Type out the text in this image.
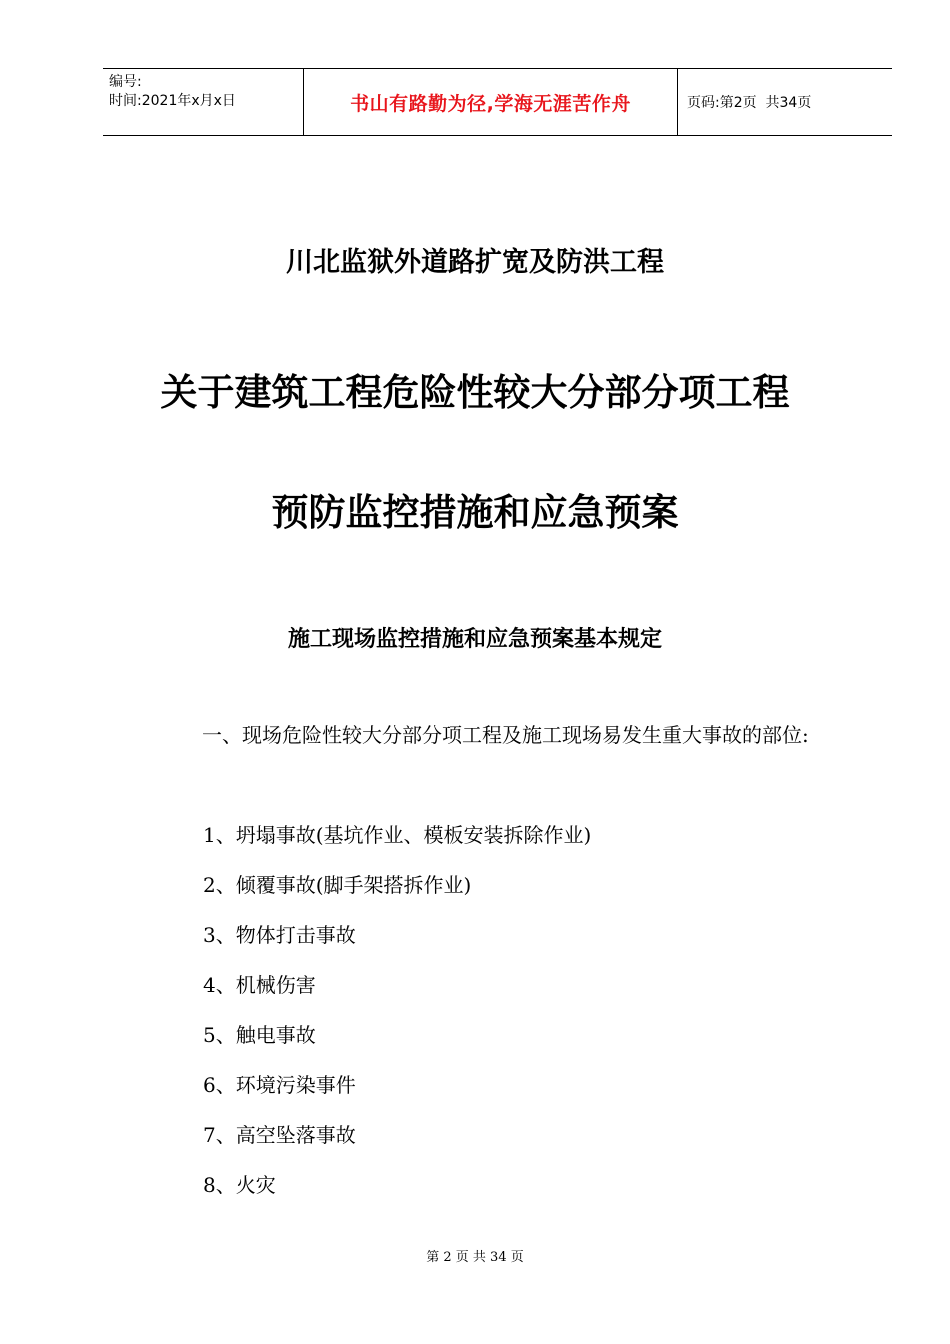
编号:
时间:2021年x月x日	书山有路勤为径,学海无涯苦作舟	页码:第2页  共34页
川北监狱外道路扩宽及防洪工程
关于建筑工程危险性较大分部分项工程
预防监控措施和应急预案
施工现场监控措施和应急预案基本规定
一、现场危险性较大分部分项工程及施工现场易发生重大事故的部位:
1、坍塌事故(基坑作业、模板安装拆除作业)
2、倾覆事故(脚手架搭拆作业)
3、物体打击事故
4、机械伤害
5、触电事故
6、环境污染事件
7、高空坠落事故
8、火灾
第 2 页 共 34 页
